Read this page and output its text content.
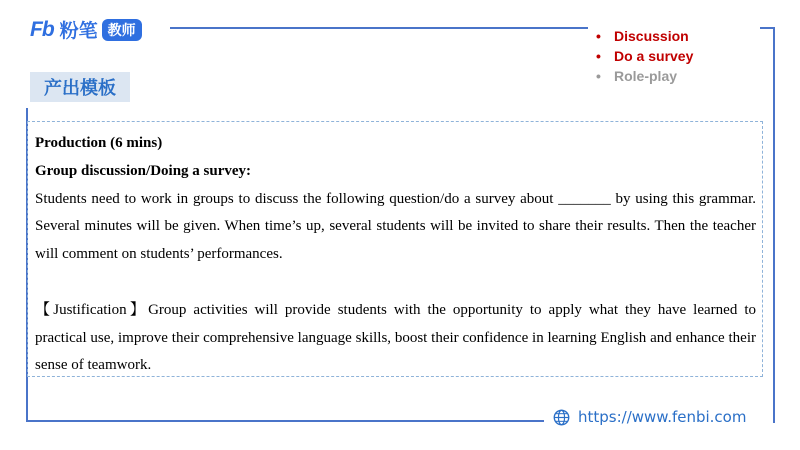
Fb 粉笔 教师
产出模板
• Discussion
• Do a survey
• Role-play

Production (6 mins)

Group discussion/Doing a survey:

Students need to work in groups to discuss the following question/do a survey about _______ by using this grammar. Several minutes will be given. When time’s up, several students will be invited to share their results. Then the teacher will comment on students’ performances.

【Justification】Group activities will provide students with the opportunity to apply what they have learned to practical use, improve their comprehensive language skills, boost their confidence in learning English and enhance their sense of teamwork.

https://www.fenbi.com
